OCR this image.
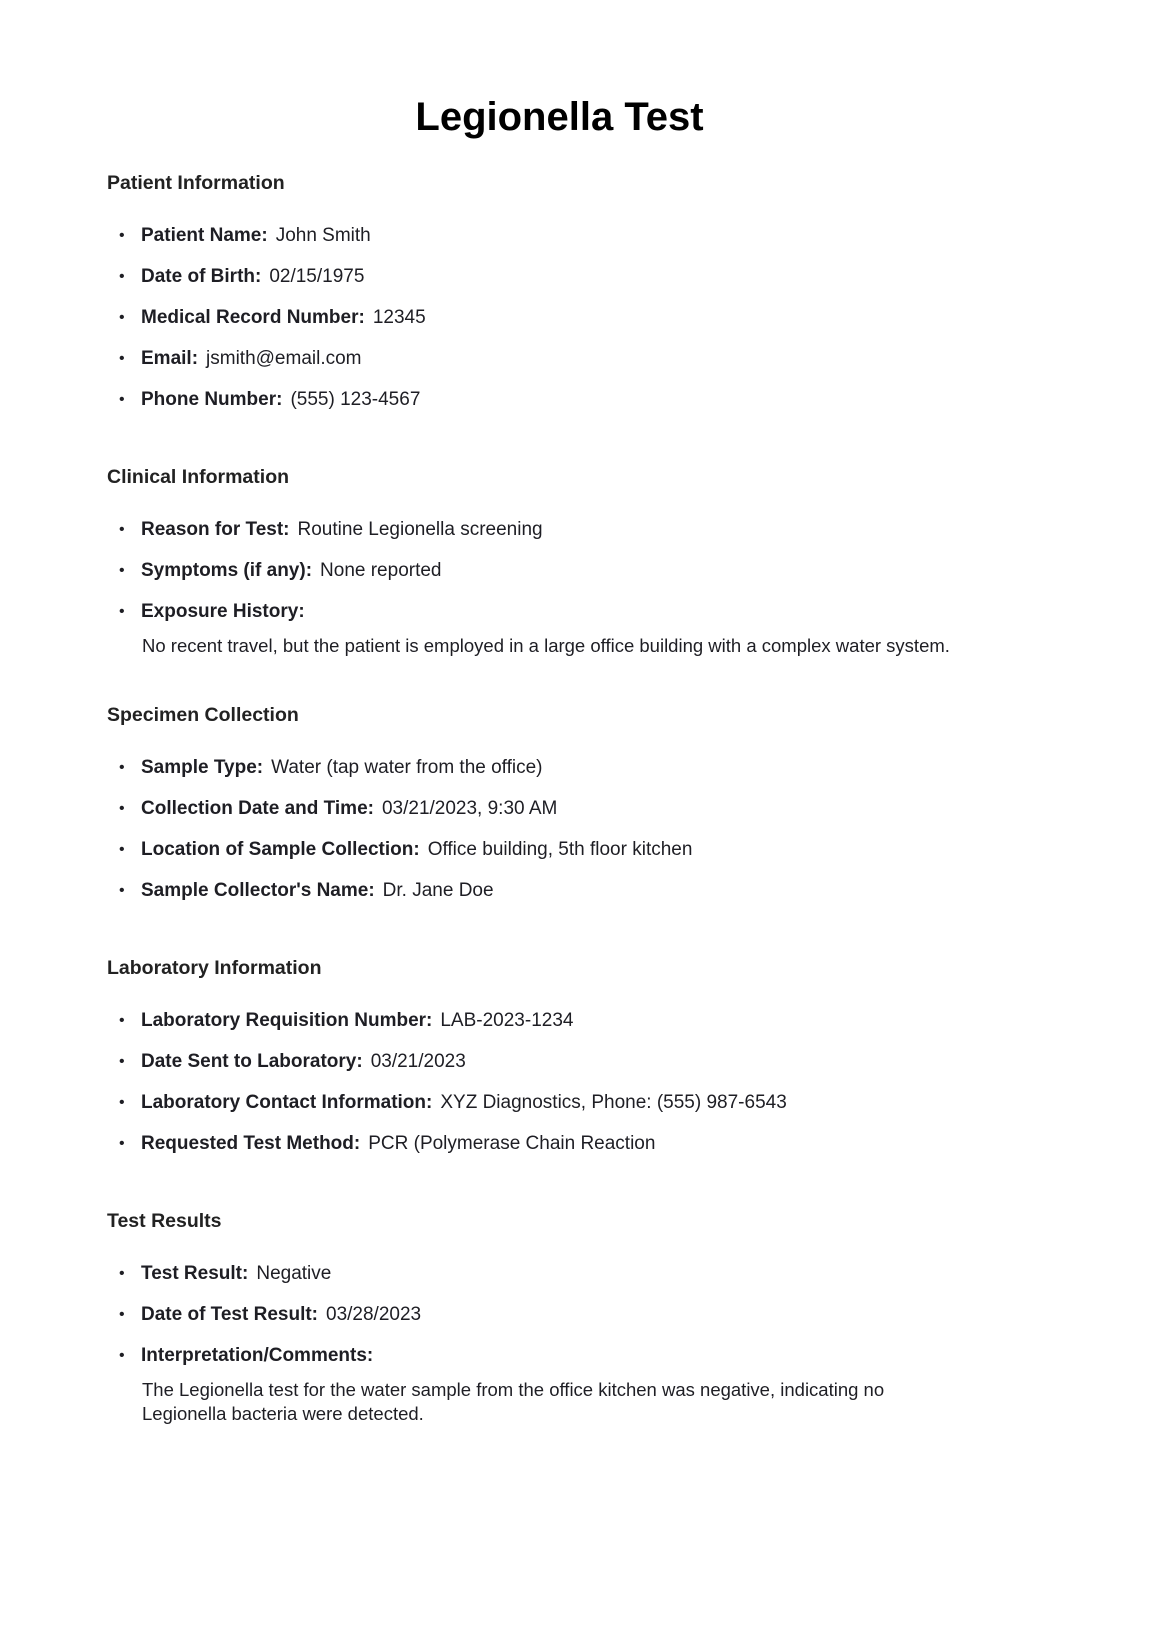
Legionella Test
Patient Information
• Patient Name: John Smith
• Date of Birth: 02/15/1975
• Medical Record Number: 12345
• Email: jsmith@email.com
• Phone Number: (555) 123-4567
Clinical Information
• Reason for Test: Routine Legionella screening
• Symptoms (if any): None reported
• Exposure History:
No recent travel, but the patient is employed in a large office building with a complex water system.
Specimen Collection
• Sample Type: Water (tap water from the office)
• Collection Date and Time: 03/21/2023, 9:30 AM
• Location of Sample Collection: Office building, 5th floor kitchen
• Sample Collector's Name: Dr. Jane Doe
Laboratory Information
• Laboratory Requisition Number: LAB-2023-1234
• Date Sent to Laboratory: 03/21/2023
• Laboratory Contact Information: XYZ Diagnostics, Phone: (555) 987-6543
• Requested Test Method: PCR (Polymerase Chain Reaction
Test Results
• Test Result: Negative
• Date of Test Result: 03/28/2023
• Interpretation/Comments:
The Legionella test for the water sample from the office kitchen was negative, indicating no Legionella bacteria were detected.
